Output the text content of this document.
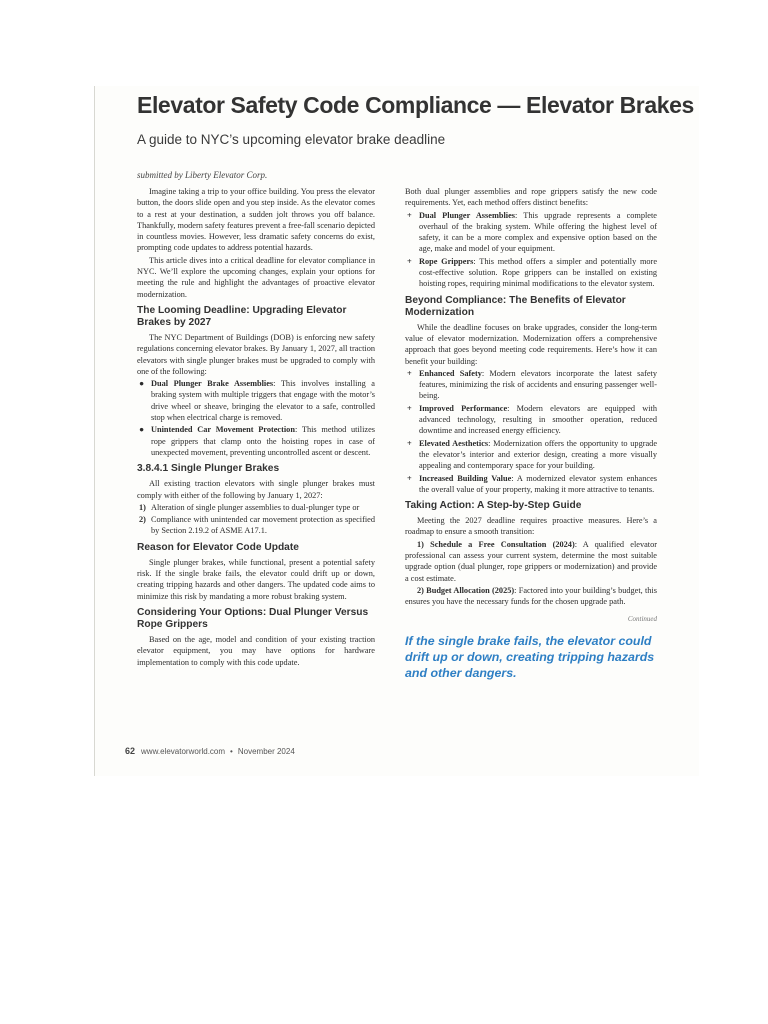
Elevator Safety Code Compliance — Elevator Brakes
A guide to NYC’s upcoming elevator brake deadline
submitted by Liberty Elevator Corp.

Imagine taking a trip to your office building. You press the elevator button, the doors slide open and you step inside. As the elevator comes to a rest at your destination, a sudden jolt throws you off balance. Thankfully, modern safety features prevent a free-fall scenario depicted in countless movies. However, less dramatic safety concerns do exist, prompting code updates to address potential hazards.

This article dives into a critical deadline for elevator compliance in NYC. We’ll explore the upcoming changes, explain your options for meeting the rule and highlight the advantages of proactive elevator modernization.

The Looming Deadline: Upgrading Elevator Brakes by 2027

The NYC Department of Buildings (DOB) is enforcing new safety regulations concerning elevator brakes. By January 1, 2027, all traction elevators with single plunger brakes must be upgraded to comply with one of the following:

● Dual Plunger Brake Assemblies: This involves installing a braking system with multiple triggers that engage with the motor’s drive wheel or sheave, bringing the elevator to a safe, controlled stop when electrical charge is removed.
● Unintended Car Movement Protection: This method utilizes rope grippers that clamp onto the hoisting ropes in case of unexpected movement, preventing uncontrolled ascent or descent.
3.8.4.1 Single Plunger Brakes

All existing traction elevators with single plunger brakes must comply with either of the following by January 1, 2027:

1) Alteration of single plunger assemblies to dual-plunger type or
2) Compliance with unintended car movement protection as specified by Section 2.19.2 of ASME A17.1.
Reason for Elevator Code Update

Single plunger brakes, while functional, present a potential safety risk. If the single brake fails, the elevator could drift up or down, creating tripping hazards and other dangers. The updated code aims to minimize this risk by mandating a more robust braking system.

Considering Your Options: Dual Plunger Versus Rope Grippers

Based on the age, model and condition of your existing traction elevator equipment, you may have options for hardware implementation to comply with this code update.

Both dual plunger assemblies and rope grippers satisfy the new code requirements. Yet, each method offers distinct benefits:

+ Dual Plunger Assemblies: This upgrade represents a complete overhaul of the braking system. While offering the highest level of safety, it can be a more complex and expensive option based on the age, make and model of your equipment.
+ Rope Grippers: This method offers a simpler and potentially more cost-effective solution. Rope grippers can be installed on existing hoisting ropes, requiring minimal modifications to the elevator system.
Beyond Compliance: The Benefits of Elevator Modernization

While the deadline focuses on brake upgrades, consider the long-term value of elevator modernization. Modernization offers a comprehensive approach that goes beyond meeting code requirements. Here’s how it can benefit your building:

+ Enhanced Safety: Modern elevators incorporate the latest safety features, minimizing the risk of accidents and ensuring passenger well-being.
+ Improved Performance: Modern elevators are equipped with advanced technology, resulting in smoother operation, reduced downtime and increased energy efficiency.
+ Elevated Aesthetics: Modernization offers the opportunity to upgrade the elevator’s interior and exterior design, creating a more visually appealing and contemporary space for your building.
+ Increased Building Value: A modernized elevator system enhances the overall value of your property, making it more attractive to tenants.
Taking Action: A Step-by-Step Guide

Meeting the 2027 deadline requires proactive measures. Here’s a roadmap to ensure a smooth transition:

1) Schedule a Free Consultation (2024): A qualified elevator professional can assess your current system, determine the most suitable upgrade option (dual plunger, rope grippers or modernization) and provide a cost estimate.

2) Budget Allocation (2025): Factored into your building’s budget, this ensures you have the necessary funds for the chosen upgrade path.

Continued
If the single brake fails, the elevator could drift up or down, creating tripping hazards and other dangers.
62 www.elevatorworld.com • November 2024
